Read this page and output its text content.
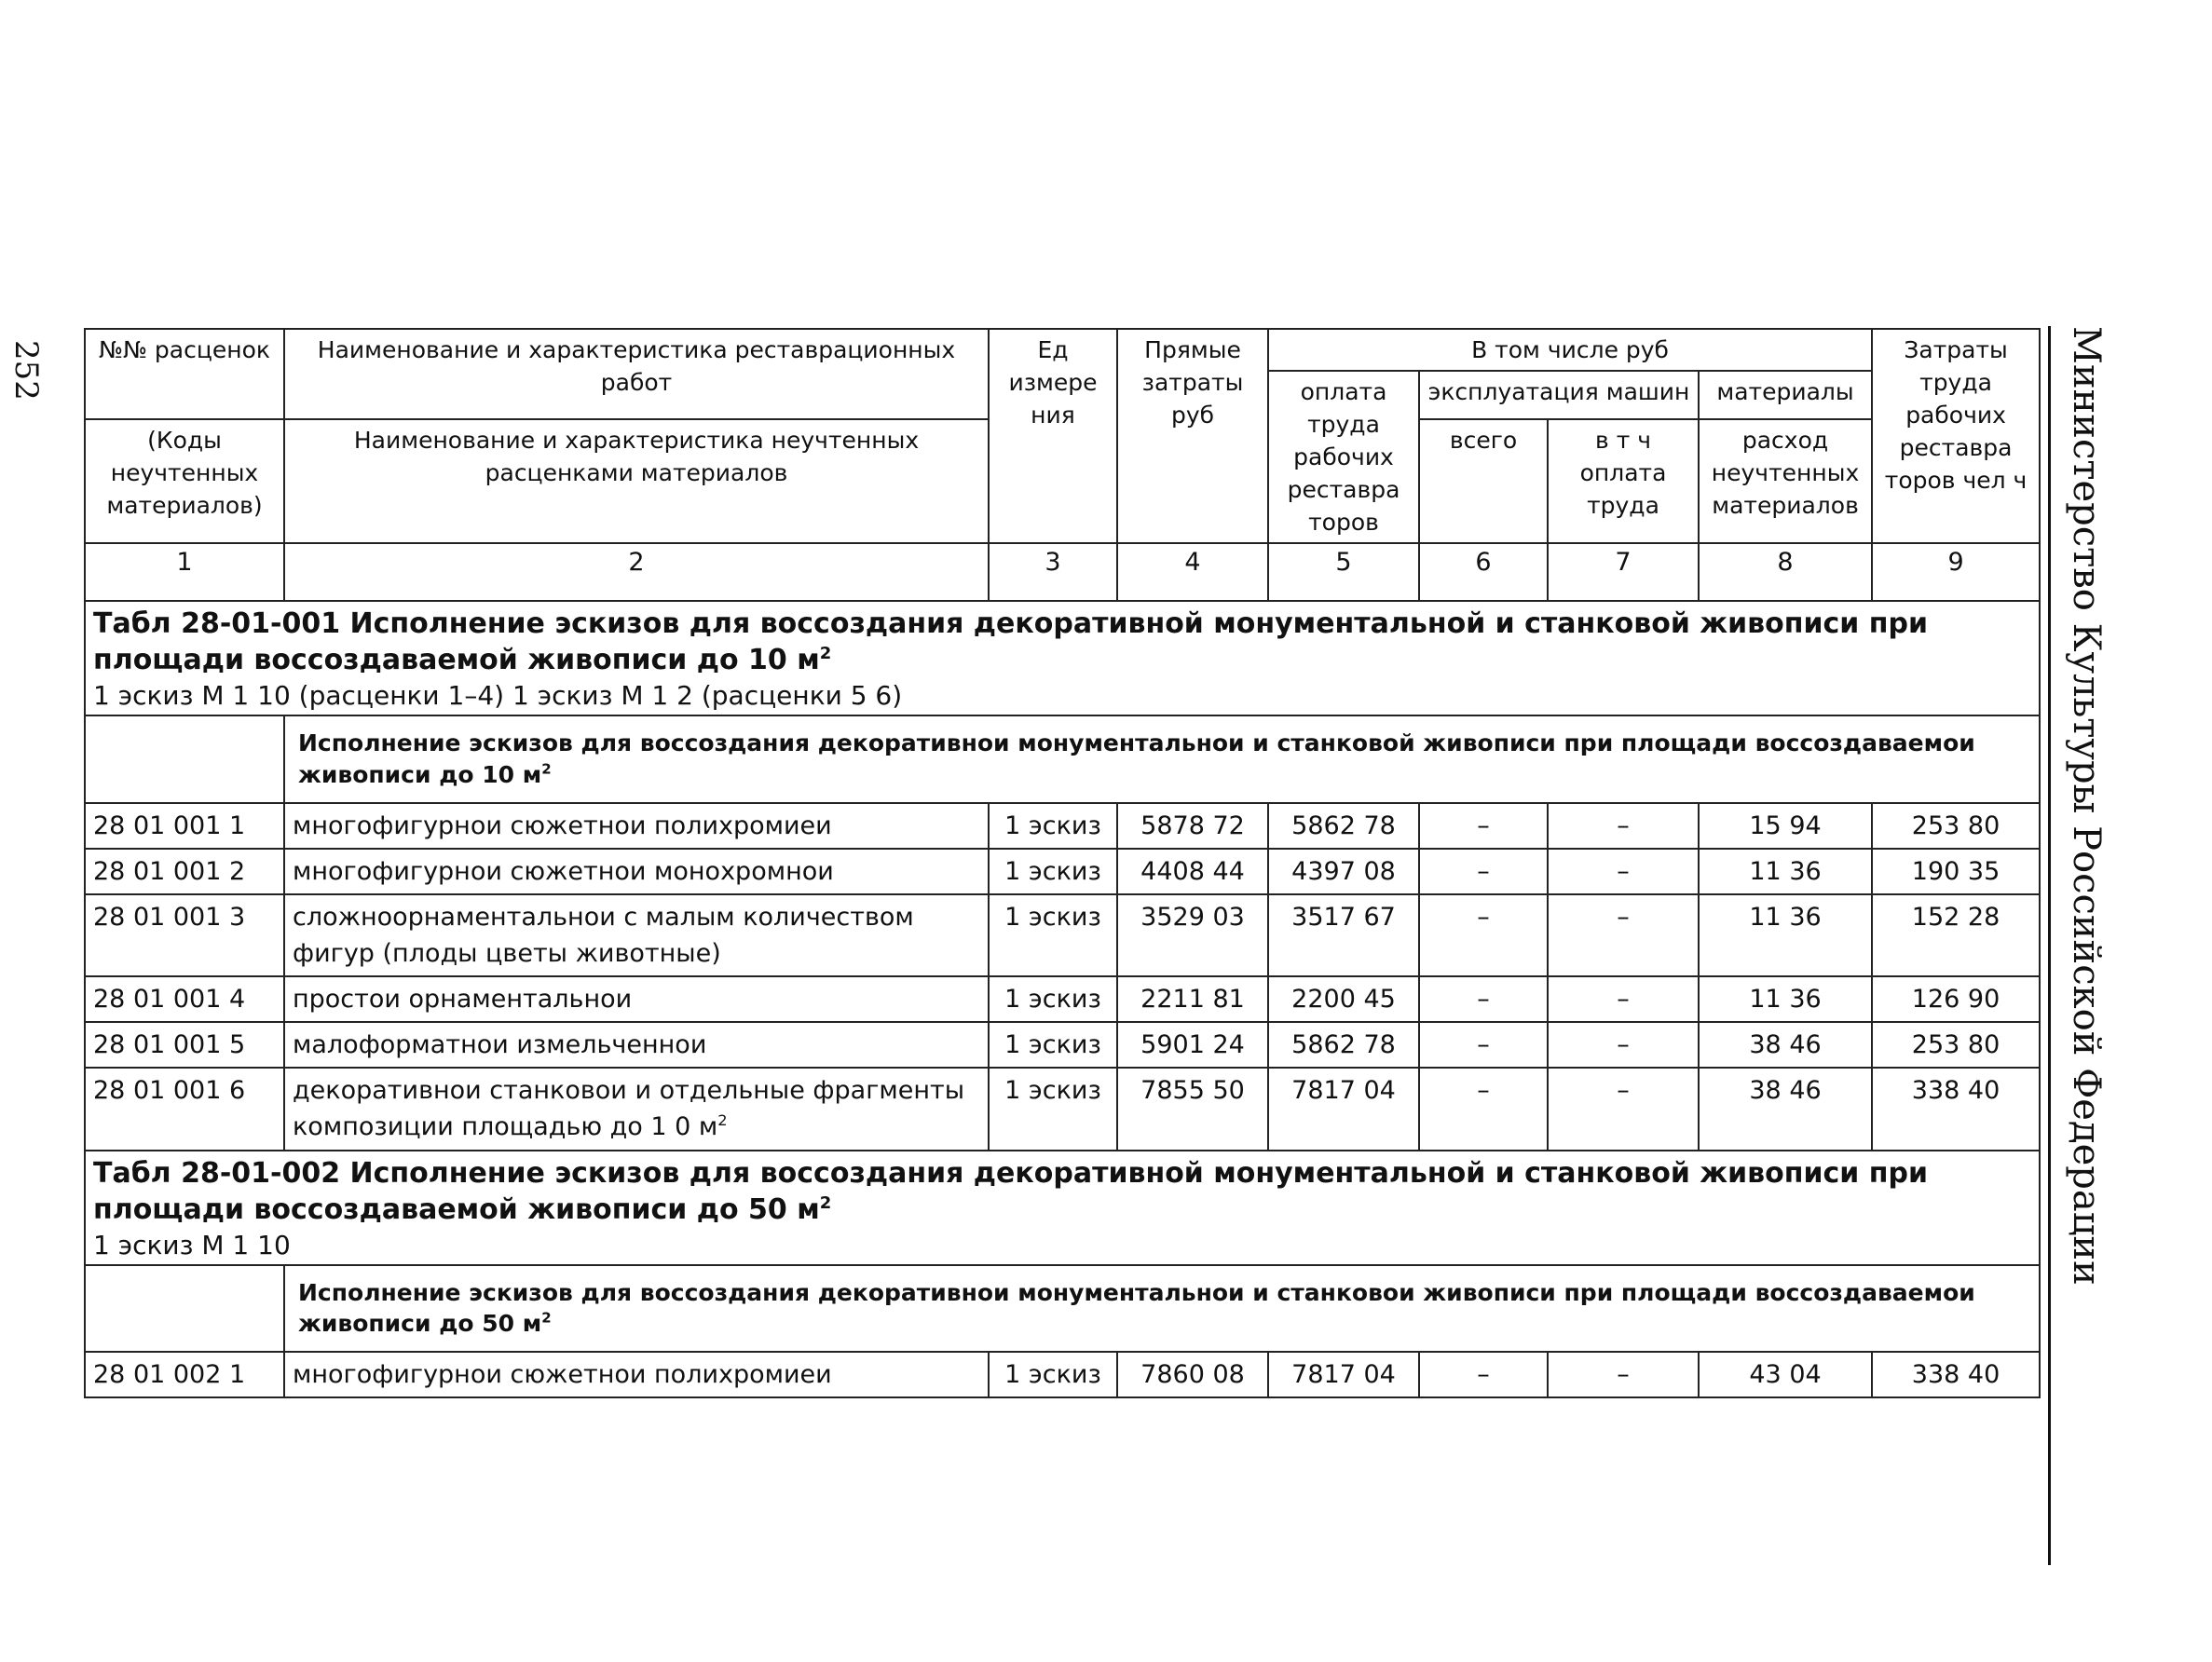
252	Министерство Культуры Российской Федерации
№№ расценок	Наименование и характеристика реставрационных работ	Ед измере ния	Прямые затраты руб	В том числе руб				Затраты труда рабочих реставра торов чел ч
				оплата труда рабочих реставра торов	эксплуатация машин		материалы	
(Коды неучтенных материалов)	Наименование и характеристика неучтенных расценками материалов				всего	в т ч оплата труда	расход неучтенных материалов	
1	2	3	4	5	6	7	8	9

Табл 28-01-001 Исполнение эскизов для воссоздания декоративной монументальной и станковой живописи при площади воссоздаваемой живописи до 10 $м^2$
1 эскиз М 1 10 (расценки 1–4) 1 эскиз М 1 2 (расценки 5 6)								

	Исполнение эскизов для воссоздания декоративнои монументальнои и станковой живописи при площади воссоздаваемои живописи до 10 $м^2$
28 01 001 1	многофигурнои сюжетнои полихромиеи	1 эскиз	5878 72	5862 78	–	–	15 94	253 80
28 01 001 2	многофигурнои сюжетнои монохромнои	1 эскиз	4408 44	4397 08	–	–	11 36	190 35
28 01 001 3	сложноорнаментальнои с малым количеством фигур (плоды цветы животные)	1 эскиз	3529 03	3517 67	–	–	11 36	152 28
28 01 001 4	простои орнаментальнои	1 эскиз	2211 81	2200 45	–	–	11 36	126 90
28 01 001 5	малоформатнои измельченнои	1 эскиз	5901 24	5862 78	–	–	38 46	253 80
28 01 001 6	декоративнои станковои и отдельные фрагменты композиции площадью до 1 0 $м^2$	1 эскиз	7855 50	7817 04	–	–	38 46	338 40

Табл 28-01-002 Исполнение эскизов для воссоздания декоративной монументальной и станковой живописи при площади воссоздаваемой живописи до 50 $м^2$
1 эскиз М 1 10								

	Исполнение эскизов для воссоздания декоративнои монументальнои и станковои живописи при площади воссоздаваемои живописи до 50 $м^2$
28 01 002 1	многофигурнои сюжетнои полихромиеи	1 эскиз	7860 08	7817 04	–	–	43 04	338 40
